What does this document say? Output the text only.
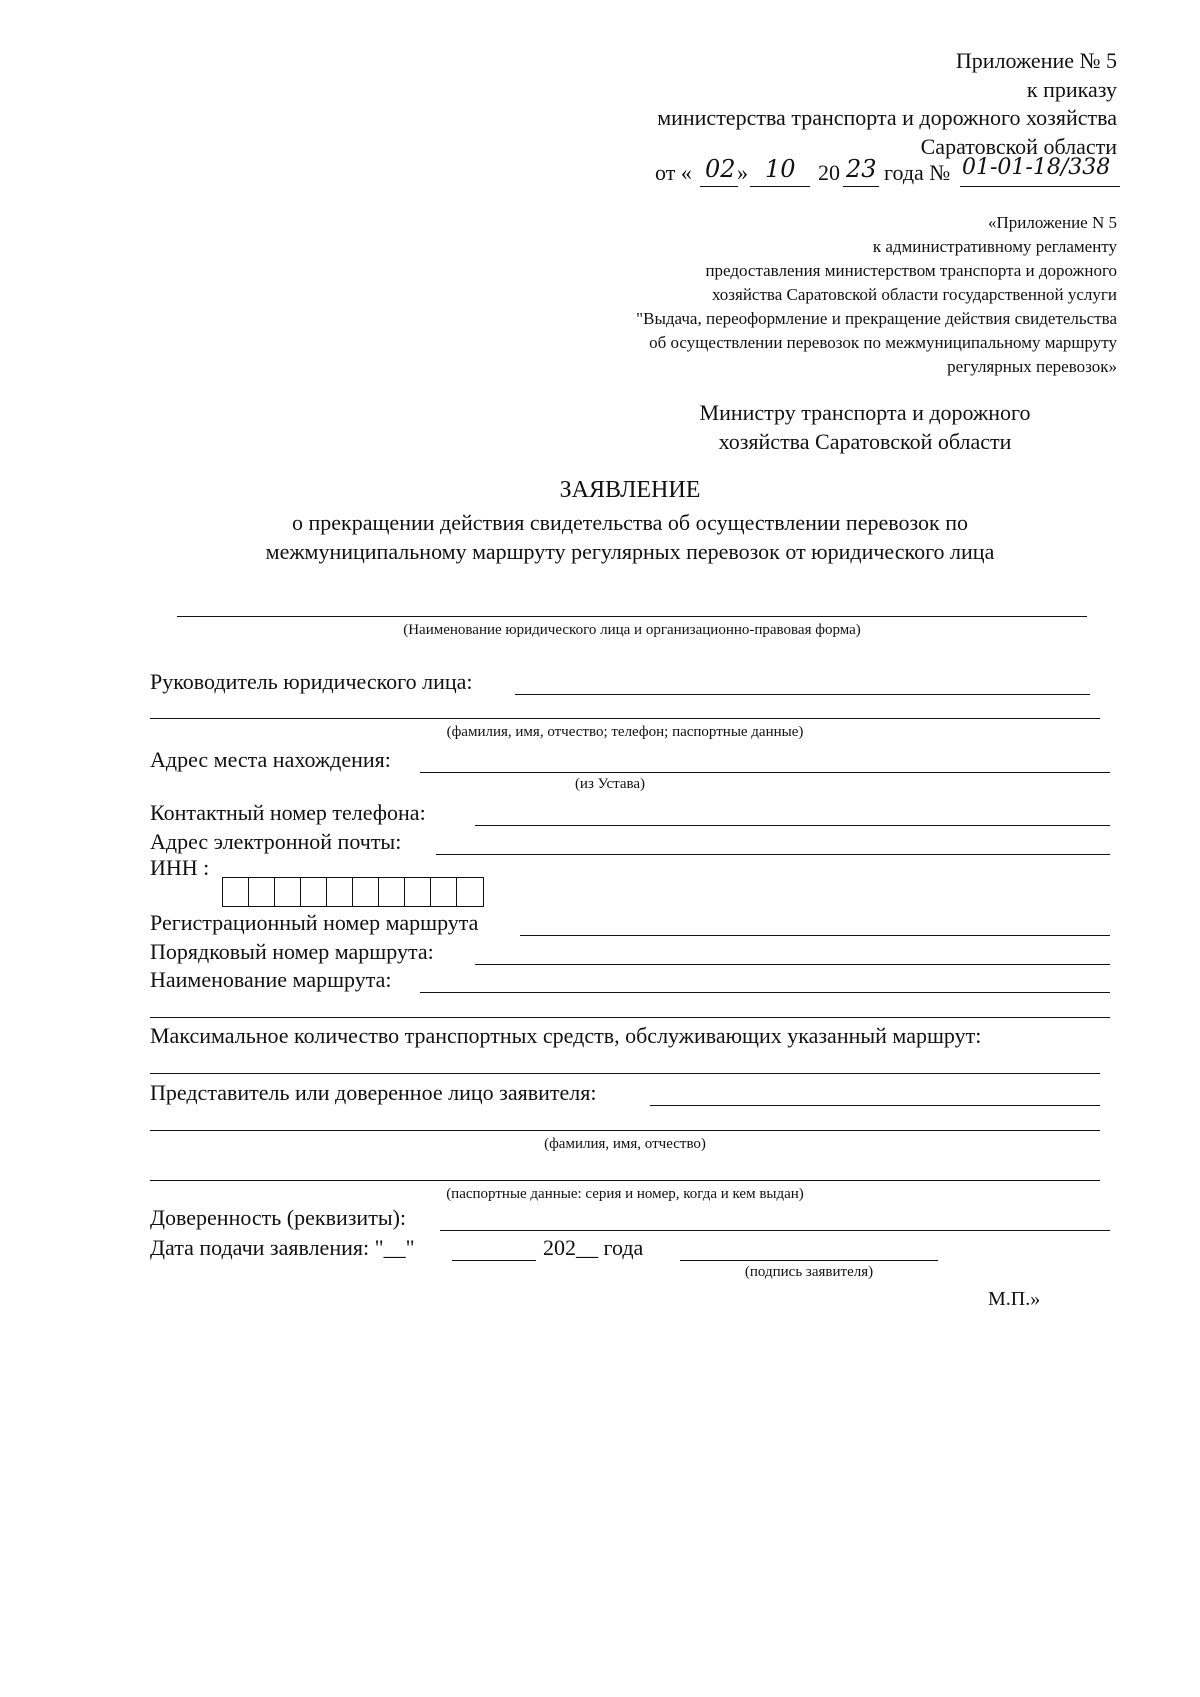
Приложение № 5
к приказу
министерства транспорта и дорожного хозяйства
Саратовской области
от « 02 » 10 20 23 года № 01-01-18/338
«Приложение N 5
к административному регламенту
предоставления министерством транспорта и дорожного
хозяйства Саратовской области государственной услуги
"Выдача, переоформление и прекращение действия свидетельства
об осуществлении перевозок по межмуниципальному маршруту
регулярных перевозок»
Министру транспорта и дорожного
хозяйства Саратовской области
ЗАЯВЛЕНИЕ
о прекращении действия свидетельства об осуществлении перевозок по
межмуниципальному маршруту регулярных перевозок от юридического лица
(Наименование юридического лица и организационно-правовая форма)
Руководитель юридического лица:
(фамилия, имя, отчество; телефон; паспортные данные)
Адрес места нахождения:
(из Устава)
Контактный номер телефона:
Адрес электронной почты:
ИНН :
Регистрационный номер маршрута
Порядковый номер маршрута:
Наименование маршрута:
Максимальное количество транспортных средств, обслуживающих указанный маршрут:
Представитель или доверенное лицо заявителя:
(фамилия, имя, отчество)
(паспортные данные: серия и номер, когда и кем выдан)
Доверенность (реквизиты):
Дата подачи заявления: "__"	202__ года
(подпись заявителя)
М.П.»
